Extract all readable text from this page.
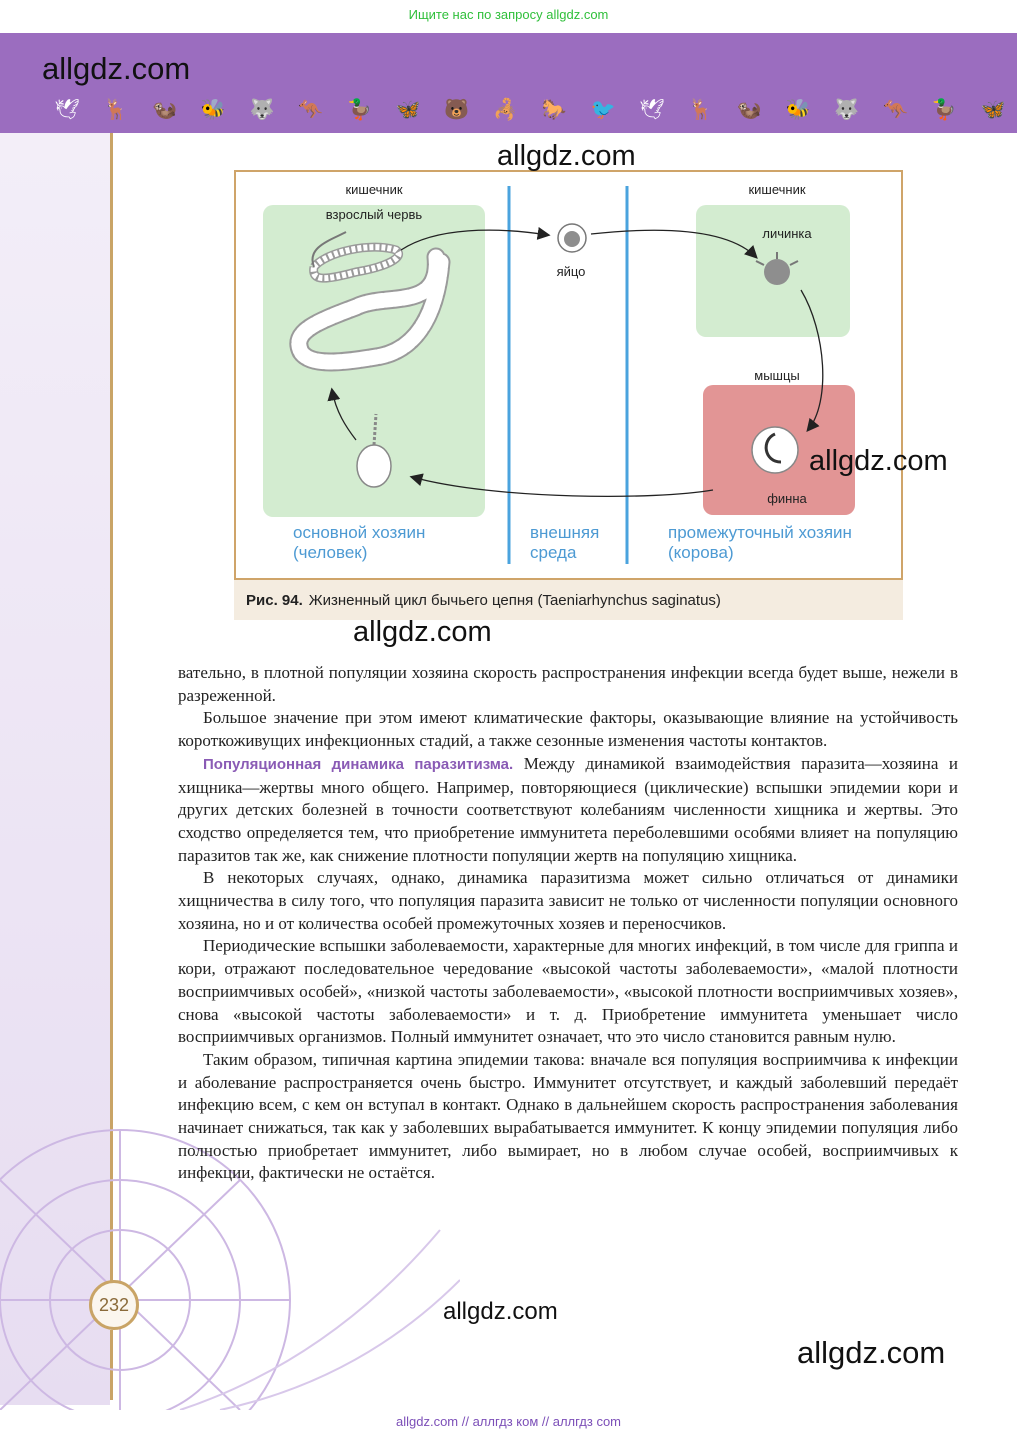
Ищите нас по запросу allgdz.com
allgdz.com
🕊 🦌 🦦 🐝 🐺 🦘 🦆 🦋 🐻 🦂 🐎 🐦 🕊 🦌 🦦 🐝 🐺 🦘 🦆 🦋
232
кишечник
взрослый червь
яйцо
кишечник
личинка
мышцы
финна
основной хозяин
(человек)
внешняя
среда
промежуточный хозяин
(корова)
Рис. 94. Жизненный цикл бычьего цепня (Taeniarhynchus saginatus)
allgdz.com
allgdz.com
allgdz.com
allgdz.com
allgdz.com

вательно, в плотной популяции хозяина скорость распространения инфекции всегда будет выше, нежели в разреженной.

Большое значение при этом имеют климатические факторы, оказывающие влияние на устойчивость короткоживущих инфекционных стадий, а также сезонные изменения частоты контактов.

Популяционная динамика паразитизма. Между динамикой взаимодействия паразита—хозяина и хищника—жертвы много общего. Например, повторяющиеся (циклические) вспышки эпидемии кори и других детских болезней в точности соответствуют колебаниям численности хищника и жертвы. Это сходство определяется тем, что приобретение иммунитета переболевшими особями влияет на популяцию паразитов так же, как снижение плотности популяции жертв на популяцию хищника.

В некоторых случаях, однако, динамика паразитизма может сильно отличаться от динамики хищничества в силу того, что популяция паразита зависит не только от численности популяции основного хозяина, но и от количества особей промежуточных хозяев и переносчиков.

Периодические вспышки заболеваемости, характерные для многих инфекций, в том числе для гриппа и кори, отражают последовательное чередование «высокой частоты заболеваемости», «малой плотности восприимчивых особей», «низкой частоты заболеваемости», «высокой плотности восприимчивых хозяев», снова «высокой частоты заболеваемости» и т. д. Приобретение иммунитета уменьшает число восприимчивых организмов. Полный иммунитет означает, что это число становится равным нулю.

Таким образом, типичная картина эпидемии такова: вначале вся популяция восприимчива к инфекции и аболевание распространяется очень быстро. Иммунитет отсутствует, и каждый заболевший передаёт инфекцию всем, с кем он вступал в контакт. Однако в дальнейшем скорость распространения заболевания начинает снижаться, так как у заболевших вырабатывается иммунитет. К концу эпидемии популяция либо полностью приобретает иммунитет, либо вымирает, но в любом случае особей, восприимчивых к инфекции, фактически не остаётся.

allgdz.com // аллгдз ком // аллгдз com
